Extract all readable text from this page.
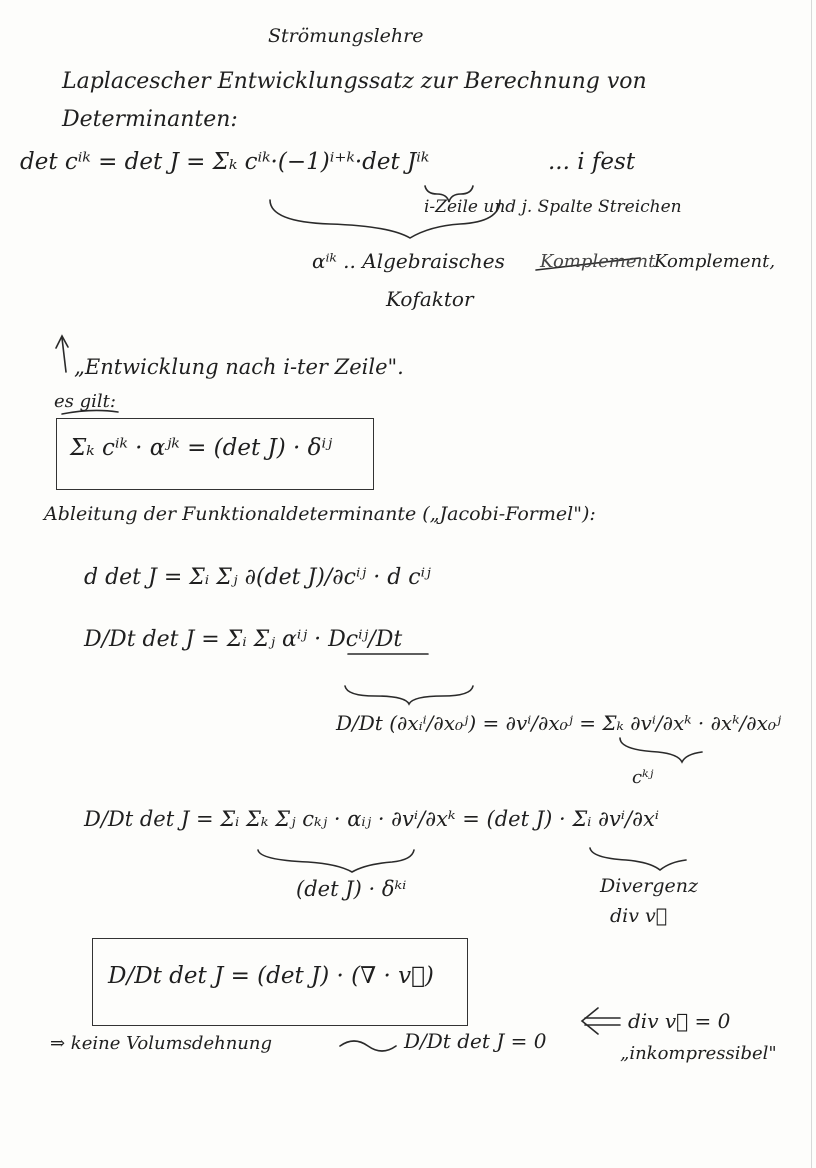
Strömungslehre
Laplacescher Entwicklungssatz zur Berechnung von
Determinanten:
det cⁱᵏ = det J = Σₖ cⁱᵏ·(−1)ⁱ⁺ᵏ·det Jⁱᵏ	... i fest
i-Zeile und j. Spalte Streichen
αⁱᵏ .. Algebraisches Komplement
Komplement,
Kofaktor
„Entwicklung nach i-ter Zeile".
es gilt:
Σₖ cⁱᵏ · αʲᵏ = (det J) · δⁱʲ
Ableitung der Funktionaldeterminante („Jacobi-Formel"):
d det J = Σᵢ Σⱼ ∂(det J)/∂cⁱʲ · d cⁱʲ
D/Dt det J = Σᵢ Σⱼ αⁱʲ · Dcⁱʲ/Dt
D/Dt (∂xᵢⁱ/∂x₀ʲ) = ∂vⁱ/∂x₀ʲ = Σₖ ∂vⁱ/∂xᵏ · ∂xᵏ/∂x₀ʲ
cᵏʲ
D/Dt det J = Σᵢ Σₖ Σⱼ cₖⱼ · αᵢⱼ · ∂vⁱ/∂xᵏ = (det J) · Σᵢ ∂vⁱ/∂xⁱ
(det J) · δᵏⁱ	Divergenz
div v⃗
D/Dt det J = (det J) · (∇ · v⃗)
⇒ keine Volumsdehnung	D/Dt det J = 0
div v⃗ = 0
„inkompressibel"
